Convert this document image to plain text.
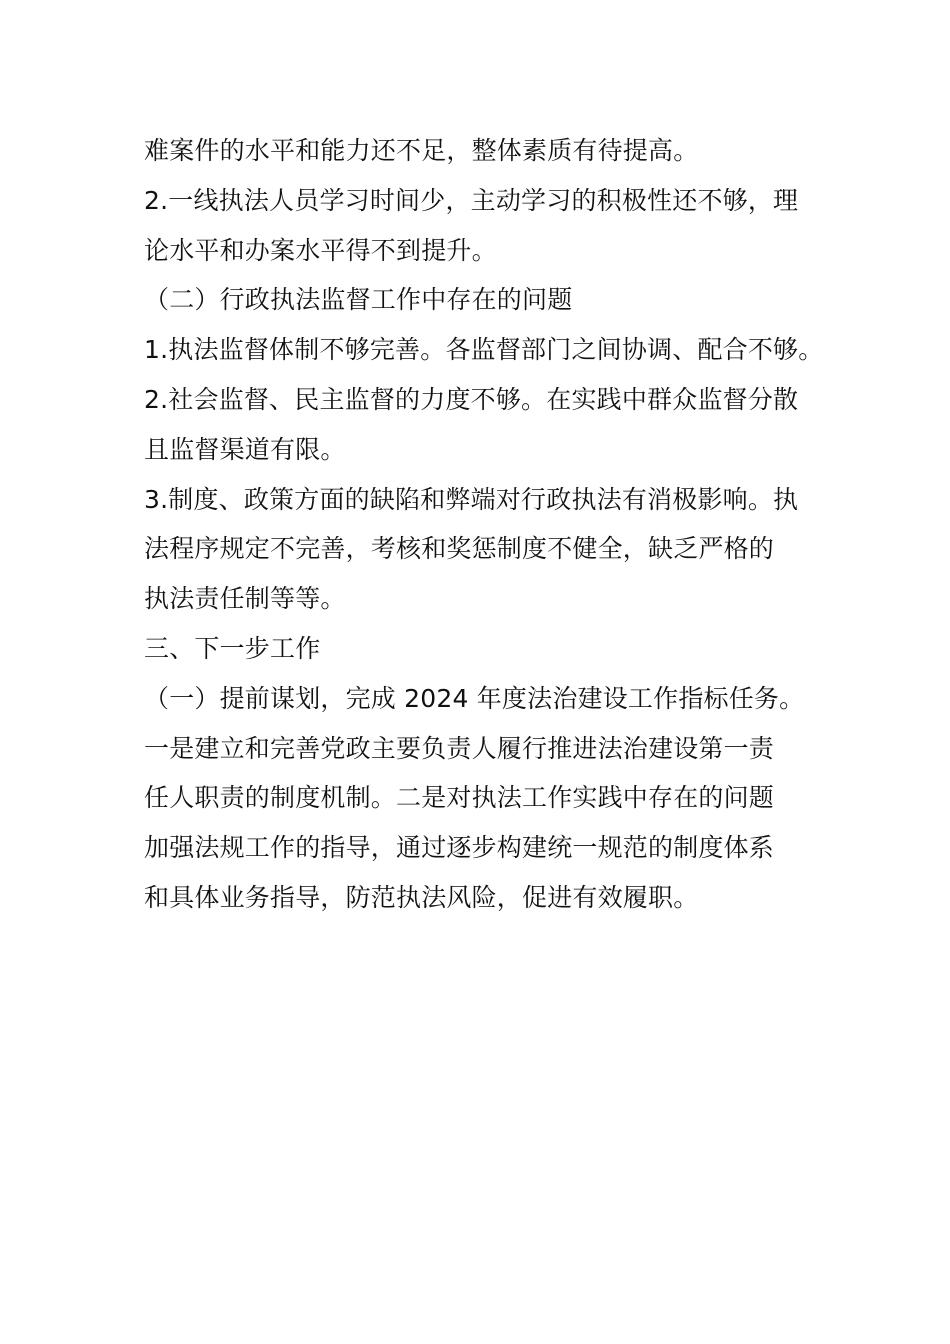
难案件的水平和能力还不足，整体素质有待提高。
2.一线执法人员学习时间少，主动学习的积极性还不够，理
论水平和办案水平得不到提升。
（二）行政执法监督工作中存在的问题
1.执法监督体制不够完善。各监督部门之间协调、配合不够。
2.社会监督、民主监督的力度不够。在实践中群众监督分散
且监督渠道有限。
3.制度、政策方面的缺陷和弊端对行政执法有消极影响。执
法程序规定不完善，考核和奖惩制度不健全，缺乏严格的
执法责任制等等。
三、下一步工作
（一）提前谋划，完成 2024 年度法治建设工作指标任务。
一是建立和完善党政主要负责人履行推进法治建设第一责
任人职责的制度机制。二是对执法工作实践中存在的问题
加强法规工作的指导，通过逐步构建统一规范的制度体系
和具体业务指导，防范执法风险，促进有效履职。
